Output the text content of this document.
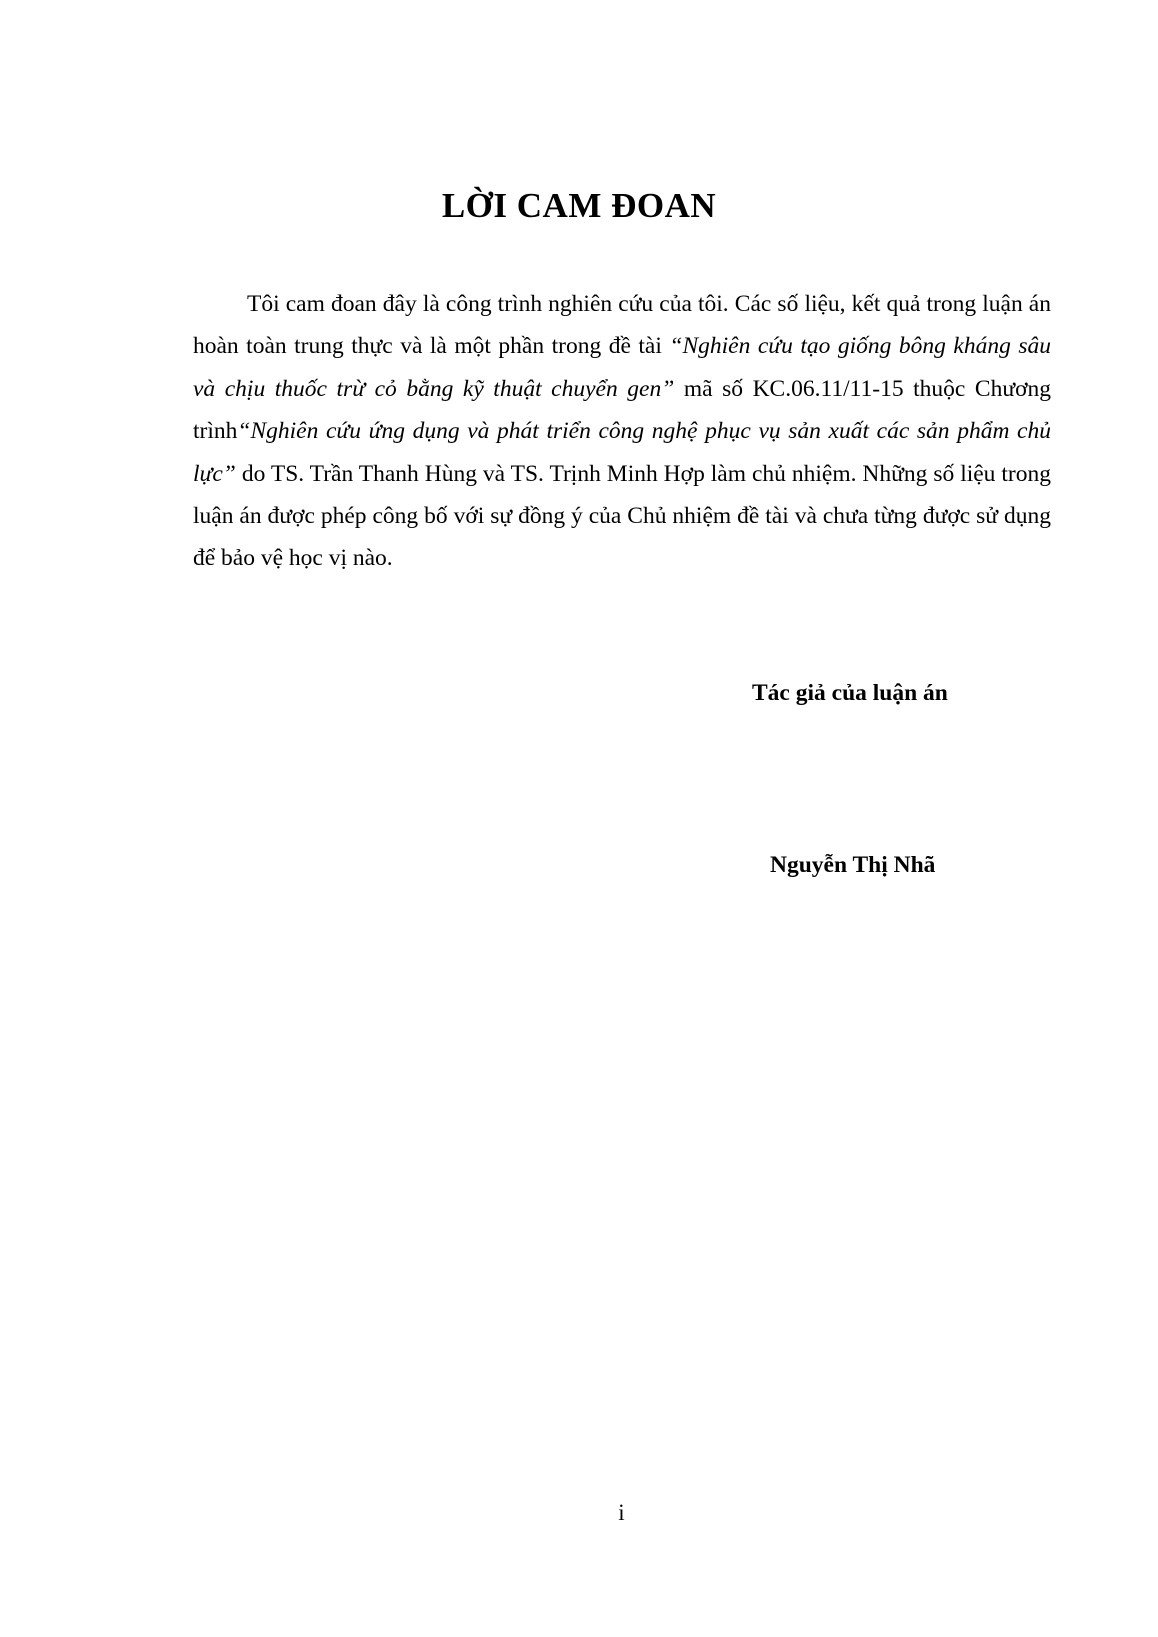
LỜI CAM ĐOAN

Tôi cam đoan đây là công trình nghiên cứu của tôi. Các số liệu, kết quả trong luận án hoàn toàn trung thực và là một phần trong đề tài “Nghiên cứu tạo giống bông kháng sâu và chịu thuốc trừ cỏ bằng kỹ thuật chuyển gen” mã số KC.06.11/11-15 thuộc Chương trình“Nghiên cứu ứng dụng và phát triển công nghệ phục vụ sản xuất các sản phẩm chủ lực” do TS. Trần Thanh Hùng và TS. Trịnh Minh Hợp làm chủ nhiệm. Những số liệu trong luận án được phép công bố với sự đồng ý của Chủ nhiệm đề tài và chưa từng được sử dụng để bảo vệ học vị nào.

Tác giả của luận án

Nguyễn Thị Nhã

i
